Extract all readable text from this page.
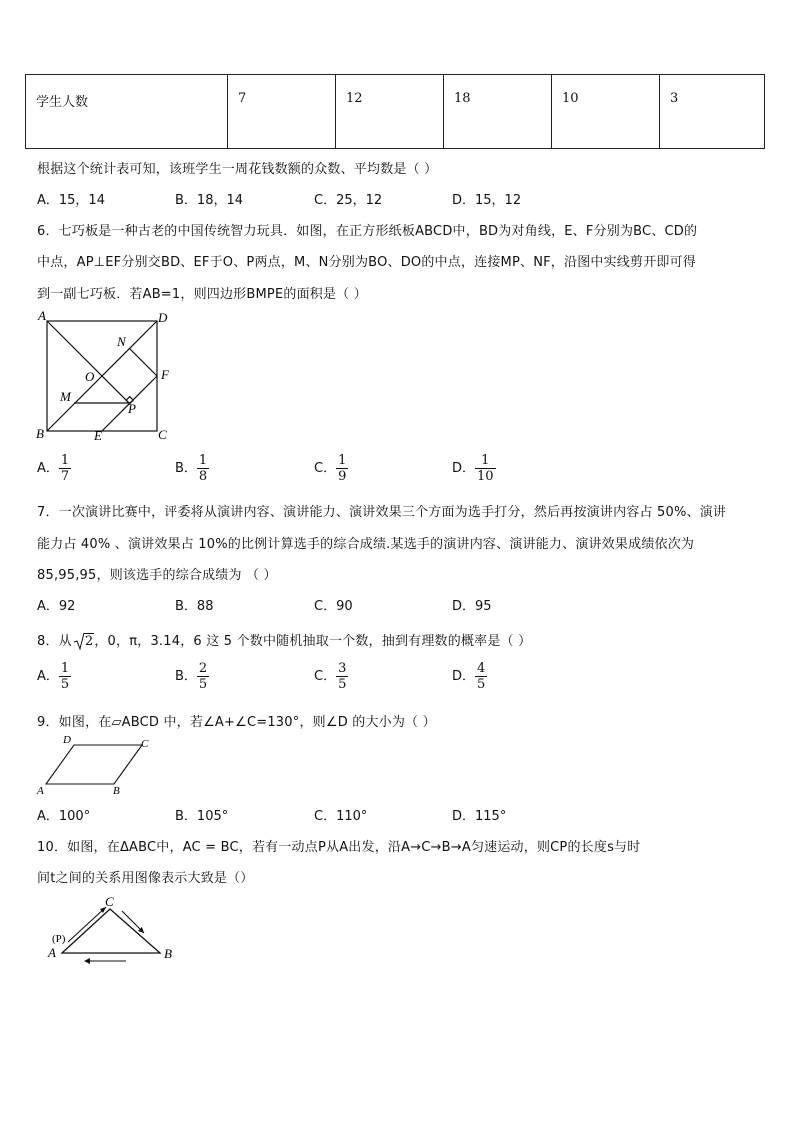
学生人数	7	12	18	10	3
根据这个统计表可知，该班学生一周花钱数额的众数、平均数是（ ）
A．15，14	B．18，14	C．25，12	D．15，12
6．七巧板是一种古老的中国传统智力玩具．如图，在正方形纸板ABCD中，BD为对角线，E、F分别为BC、CD的
中点，AP⊥EF分别交BD、EF于O、P两点，M、N分别为BO、DO的中点，连接MP、NF，沿图中实线剪开即可得
到一副七巧板．若AB=1，则四边形BMPE的面积是（ ）
A	D
B	C
E
F
M
N
O
P
A． $\frac{1}{7}$	B． $\frac{1}{8}$	C． $\frac{1}{9}$	D． $\frac{1}{10}$
7．一次演讲比赛中，评委将从演讲内容、演讲能力、演讲效果三个方面为选手打分，然后再按演讲内容占 50%、演讲
能力占 40% 、演讲效果占 10%的比例计算选手的综合成绩.某选手的演讲内容、演讲能力、演讲效果成绩依次为
85,95,95，则该选手的综合成绩为 （ ）
A．92	B．88	C．90	D．95
8．从 2，0，π，3.14，6 这 5 个数中随机抽取一个数，抽到有理数的概率是（ ）
A． $\frac{1}{5}$	B． $\frac{2}{5}$	C． $\frac{3}{5}$	D． $\frac{4}{5}$
9．如图，在▱ABCD 中，若∠A+∠C=130°，则∠D 的大小为（ ）
D	C
A	B
A．100°	B．105°	C．110°	D．115°
10．如图，在ΔABC中，AC = BC，若有一动点P从A出发，沿A→C→B→A匀速运动，则CP的长度s与时
间t之间的关系用图像表示大致是（）
C
B
A
(P)
